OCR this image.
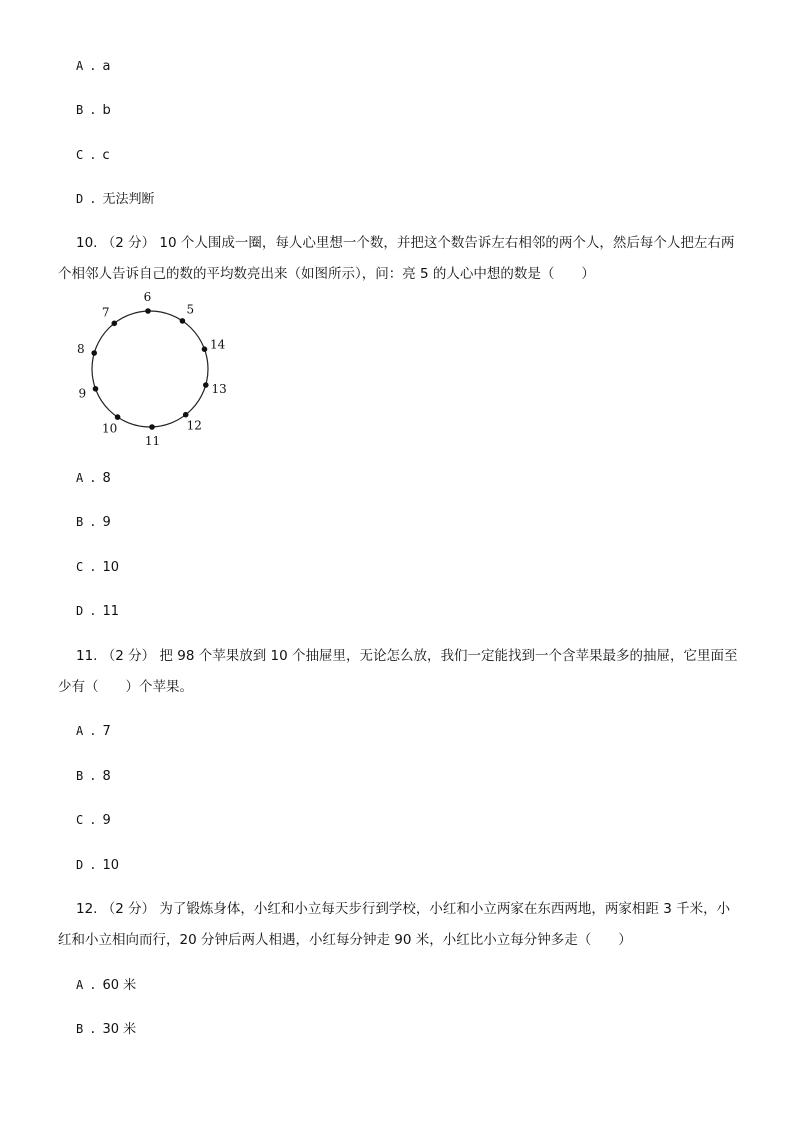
A . a
B . b
C . c
D . 无法判断
10. （2 分） 10 个人围成一圈，每人心里想一个数，并把这个数告诉左右相邻的两个人，然后每个人把左右两
个相邻人告诉自己的数的平均数亮出来（如图所示），问：亮 5 的人心中想的数是（　　）
6
5
14
13
12
11
10
9
8
7
A . 8
B . 9
C . 10
D . 11
11. （2 分） 把 98 个苹果放到 10 个抽屉里，无论怎么放，我们一定能找到一个含苹果最多的抽屉，它里面至
少有（　　）个苹果。
A . 7
B . 8
C . 9
D . 10
12. （2 分） 为了锻炼身体，小红和小立每天步行到学校，小红和小立两家在东西两地，两家相距 3 千米，小
红和小立相向而行，20 分钟后两人相遇，小红每分钟走 90 米，小红比小立每分钟多走（　　）
A . 60 米
B . 30 米
